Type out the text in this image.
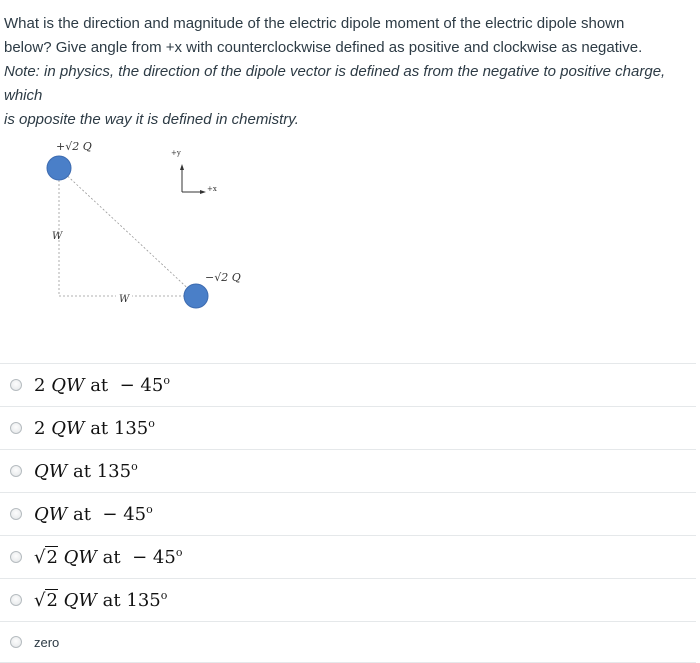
What is the direction and magnitude of the electric dipole moment of the electric dipole shown
below? Give angle from +x with counterclockwise defined as positive and clockwise as negative.
Note: in physics, the direction of the dipole vector is defined as from the negative to positive charge, which
is opposite the way it is defined in chemistry.
+√2 Q
−√2 Q
W
W
+y
+x
2 QW at − $45^o$
2 QW at 135$^o$
QW at 135$^o$
QW at − $45^o$
√2 QW at − $45^o$
√2 QW at 135$^o$
zero
